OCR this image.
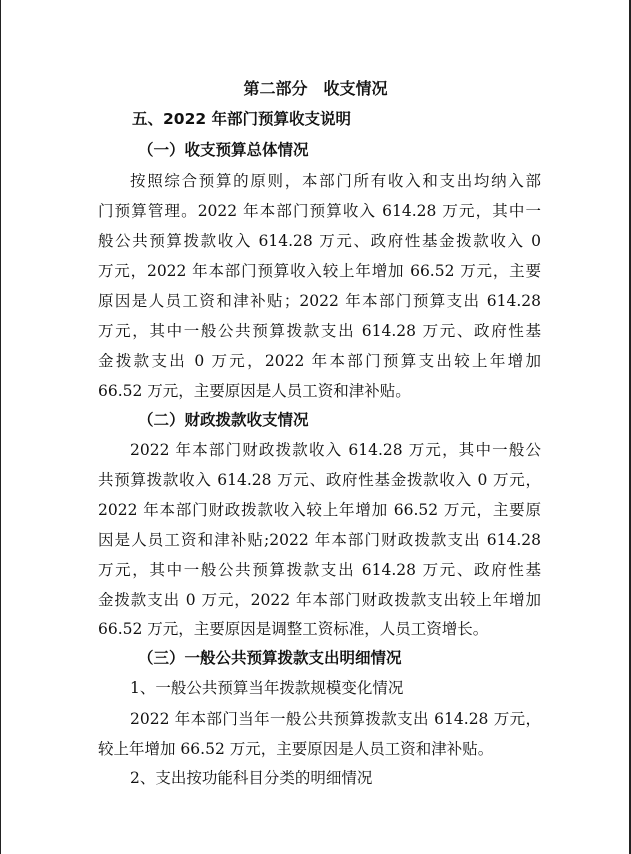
第二部分　收支情况
五、2022 年部门预算收支说明
（一）收支预算总体情况
按照综合预算的原则，本部门所有收入和支出均纳入部
门预算管理。2022 年本部门预算收入 614.28 万元，其中一
般公共预算拨款收入 614.28 万元、政府性基金拨款收入 0
万元，2022 年本部门预算收入较上年增加 66.52 万元，主要
原因是人员工资和津补贴；2022 年本部门预算支出 614.28
万元，其中一般公共预算拨款支出 614.28 万元、政府性基
金拨款支出 0 万元，2022 年本部门预算支出较上年增加
66.52 万元，主要原因是人员工资和津补贴。
（二）财政拨款收支情况
2022 年本部门财政拨款收入 614.28 万元，其中一般公
共预算拨款收入 614.28 万元、政府性基金拨款收入 0 万元，
2022 年本部门财政拨款收入较上年增加 66.52 万元，主要原
因是人员工资和津补贴;2022 年本部门财政拨款支出 614.28
万元，其中一般公共预算拨款支出 614.28 万元、政府性基
金拨款支出 0 万元，2022 年本部门财政拨款支出较上年增加
66.52 万元，主要原因是调整工资标准，人员工资增长。
（三）一般公共预算拨款支出明细情况
1、一般公共预算当年拨款规模变化情况
2022 年本部门当年一般公共预算拨款支出 614.28 万元，
较上年增加 66.52 万元，主要原因是人员工资和津补贴。
2、支出按功能科目分类的明细情况
